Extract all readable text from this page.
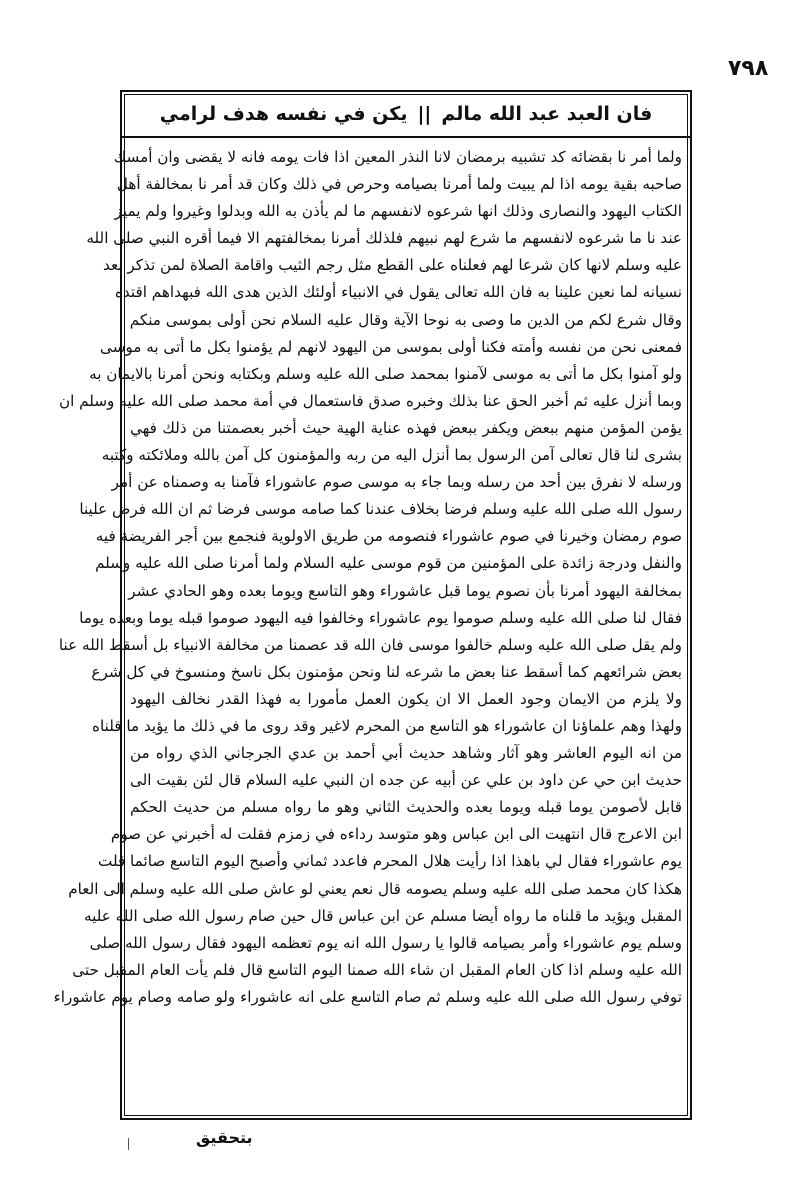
٧٩٨
فان العبد عبد الله مالم
||
يكن في نفسه هدف لرامي
ولما أمر نا بقضائه كد تشبيه برمضان لانا النذر المعين اذا فات يومه فانه لا يقضى وان أمسك
صاحبه بقية يومه اذا لم يبيت ولما أمرنا بصيامه وحرص في ذلك وكان قد أمر نا بمخالفة أهل
الكتاب اليهود والنصارى وذلك انها شرعوه لانفسهم ما لم يأذن به الله وبدلوا وغيروا ولم يميز
عند نا ما شرعوه لانفسهم ما شرع لهم نبيهم فلذلك أمرنا بمخالفتهم الا فيما أقره النبي صلى الله
عليه وسلم لانها كان شرعا لهم فعلناه على القطع مثل رجم الثيب واقامة الصلاة لمن تذكر بعد
نسيانه لما نعين علينا به فان الله تعالى يقول في الانبياء أولئك الذين هدى الله فبهداهم اقتده
وقال شرع لكم من الدين ما وصى به نوحا الآية وقال عليه السلام نحن أولى بموسى منكم
فمعنى نحن من نفسه وأمته فكنا أولى بموسى من اليهود لانهم لم يؤمنوا بكل ما أتى به موسى
ولو آمنوا بكل ما أتى به موسى لآمنوا بمحمد صلى الله عليه وسلم وبكتابه ونحن أمرنا بالايمان به
وبما أنزل عليه ثم أخبر الحق عنا بذلك وخبره صدق فاستعمال في أمة محمد صلى الله عليه وسلم ان
يؤمن المؤمن منهم ببعض ويكفر ببعض فهذه عناية الهية حيث أخبر بعصمتنا من ذلك فهي
بشرى لنا قال تعالى آمن الرسول بما أنزل اليه من ربه والمؤمنون كل آمن بالله وملائكته وكتبه
ورسله لا نفرق بين أحد من رسله وبما جاء به موسى صوم عاشوراء فآمنا به وصمناه عن أمر
رسول الله صلى الله عليه وسلم فرضا بخلاف عندنا كما صامه موسى فرضا ثم ان الله فرض علينا
صوم رمضان وخيرنا في صوم عاشوراء فنصومه من طريق الاولوية فنجمع بين أجر الفريضة فيه
والنفل ودرجة زائدة على المؤمنين من قوم موسى عليه السلام ولما أمرنا صلى الله عليه وسلم
بمخالفة اليهود أمرنا بأن نصوم يوما قبل عاشوراء وهو التاسع ويوما بعده وهو الحادي عشر
فقال لنا صلى الله عليه وسلم صوموا يوم عاشوراء وخالفوا فيه اليهود صوموا قبله يوما وبعده يوما
ولم يقل صلى الله عليه وسلم خالفوا موسى فان الله قد عصمنا من مخالفة الانبياء بل أسقط الله عنا
بعض شرائعهم كما أسقط عنا بعض ما شرعه لنا ونحن مؤمنون بكل ناسخ ومنسوخ في كل شرع
ولا يلزم من الايمان وجود العمل الا ان يكون العمل مأمورا به فهذا القدر نخالف اليهود
ولهذا وهم علماؤنا ان عاشوراء هو التاسع من المحرم لاغير وقد روى ما في ذلك ما يؤيد ما قلناه
من انه اليوم العاشر وهو آثار وشاهد حديث أبي أحمد بن عدي الجرجاني الذي رواه من
حديث ابن حي عن داود بن علي عن أبيه عن جده ان النبي عليه السلام قال لئن بقيت الى
قابل لأصومن يوما قبله ويوما بعده والحديث الثاني وهو ما رواه مسلم من حديث الحكم
ابن الاعرج قال انتهيت الى ابن عباس وهو متوسد رداءه في زمزم فقلت له أخبرني عن صوم
يوم عاشوراء فقال لي باهذا اذا رأيت هلال المحرم فاعدد ثماني وأصبح اليوم التاسع صائما قلت
هكذا كان محمد صلى الله عليه وسلم يصومه قال نعم يعني لو عاش صلى الله عليه وسلم الى العام
المقبل ويؤيد ما قلناه ما رواه أيضا مسلم عن ابن عباس قال حين صام رسول الله صلى الله عليه
وسلم يوم عاشوراء وأمر بصيامه قالوا يا رسول الله انه يوم تعظمه اليهود فقال رسول الله صلى
الله عليه وسلم اذا كان العام المقبل ان شاء الله صمنا اليوم التاسع قال فلم يأت العام المقبل حتى
توفي رسول الله صلى الله عليه وسلم ثم صام التاسع على انه عاشوراء ولو صامه وصام يوم عاشوراء
بتحقيق
